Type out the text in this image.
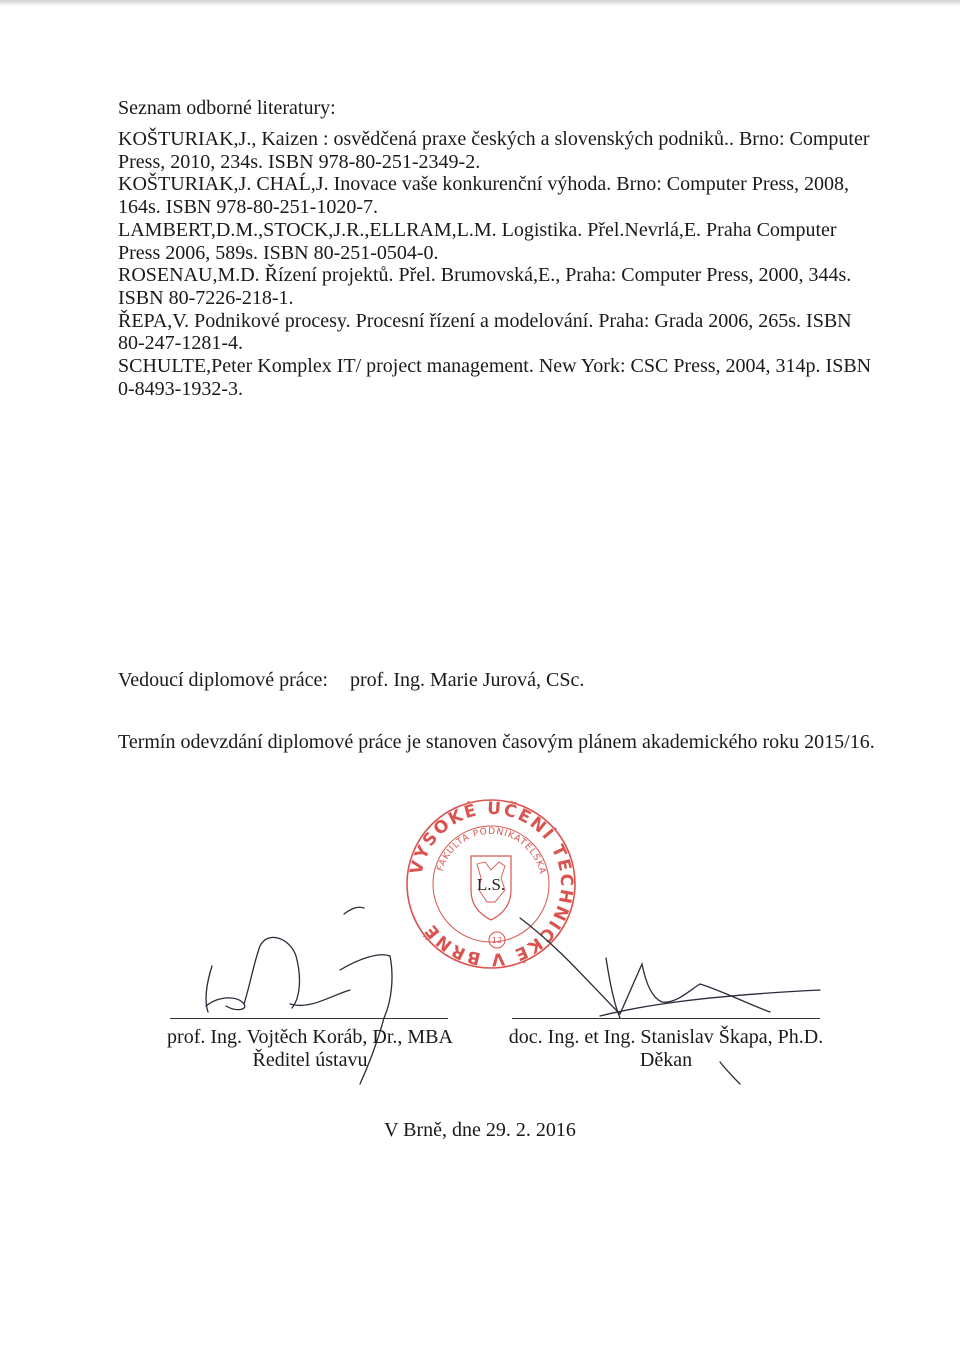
Seznam odborné literatury:
KOŠTURIAK,J., Kaizen : osvědčená praxe českých a slovenských podniků.. Brno: Computer Press, 2010, 234s. ISBN 978-80-251-2349-2.
KOŠTURIAK,J. CHAĹ,J. Inovace vaše konkurenční výhoda. Brno: Computer Press, 2008, 164s. ISBN 978-80-251-1020-7.
LAMBERT,D.M.,STOCK,J.R.,ELLRAM,L.M. Logistika. Přel.Nevrlá,E. Praha Computer Press 2006, 589s. ISBN 80-251-0504-0.
ROSENAU,M.D. Řízení projektů. Přel. Brumovská,E., Praha: Computer Press, 2000, 344s. ISBN 80-7226-218-1.
ŘEPA,V. Podnikové procesy. Procesní řízení a modelování. Praha: Grada 2006, 265s. ISBN 80-247-1281-4.
SCHULTE,Peter Komplex IT/ project management. New York: CSC Press, 2004, 314p. ISBN 0-8493-1932-3.
Vedoucí diplomové práce: prof. Ing. Marie Jurová, CSc.
Termín odevzdání diplomové práce je stanoven časovým plánem akademického roku 2015/16.
VYSOKÉ UČENÍ TECHNICKÉ V BRNĚ
FAKULTA PODNIKATELSKÁ
L.S.
12
prof. Ing. Vojtěch Koráb, Dr., MBA
Ředitel ústavu
doc. Ing. et Ing. Stanislav Škapa, Ph.D.
Děkan
V Brně, dne 29. 2. 2016
